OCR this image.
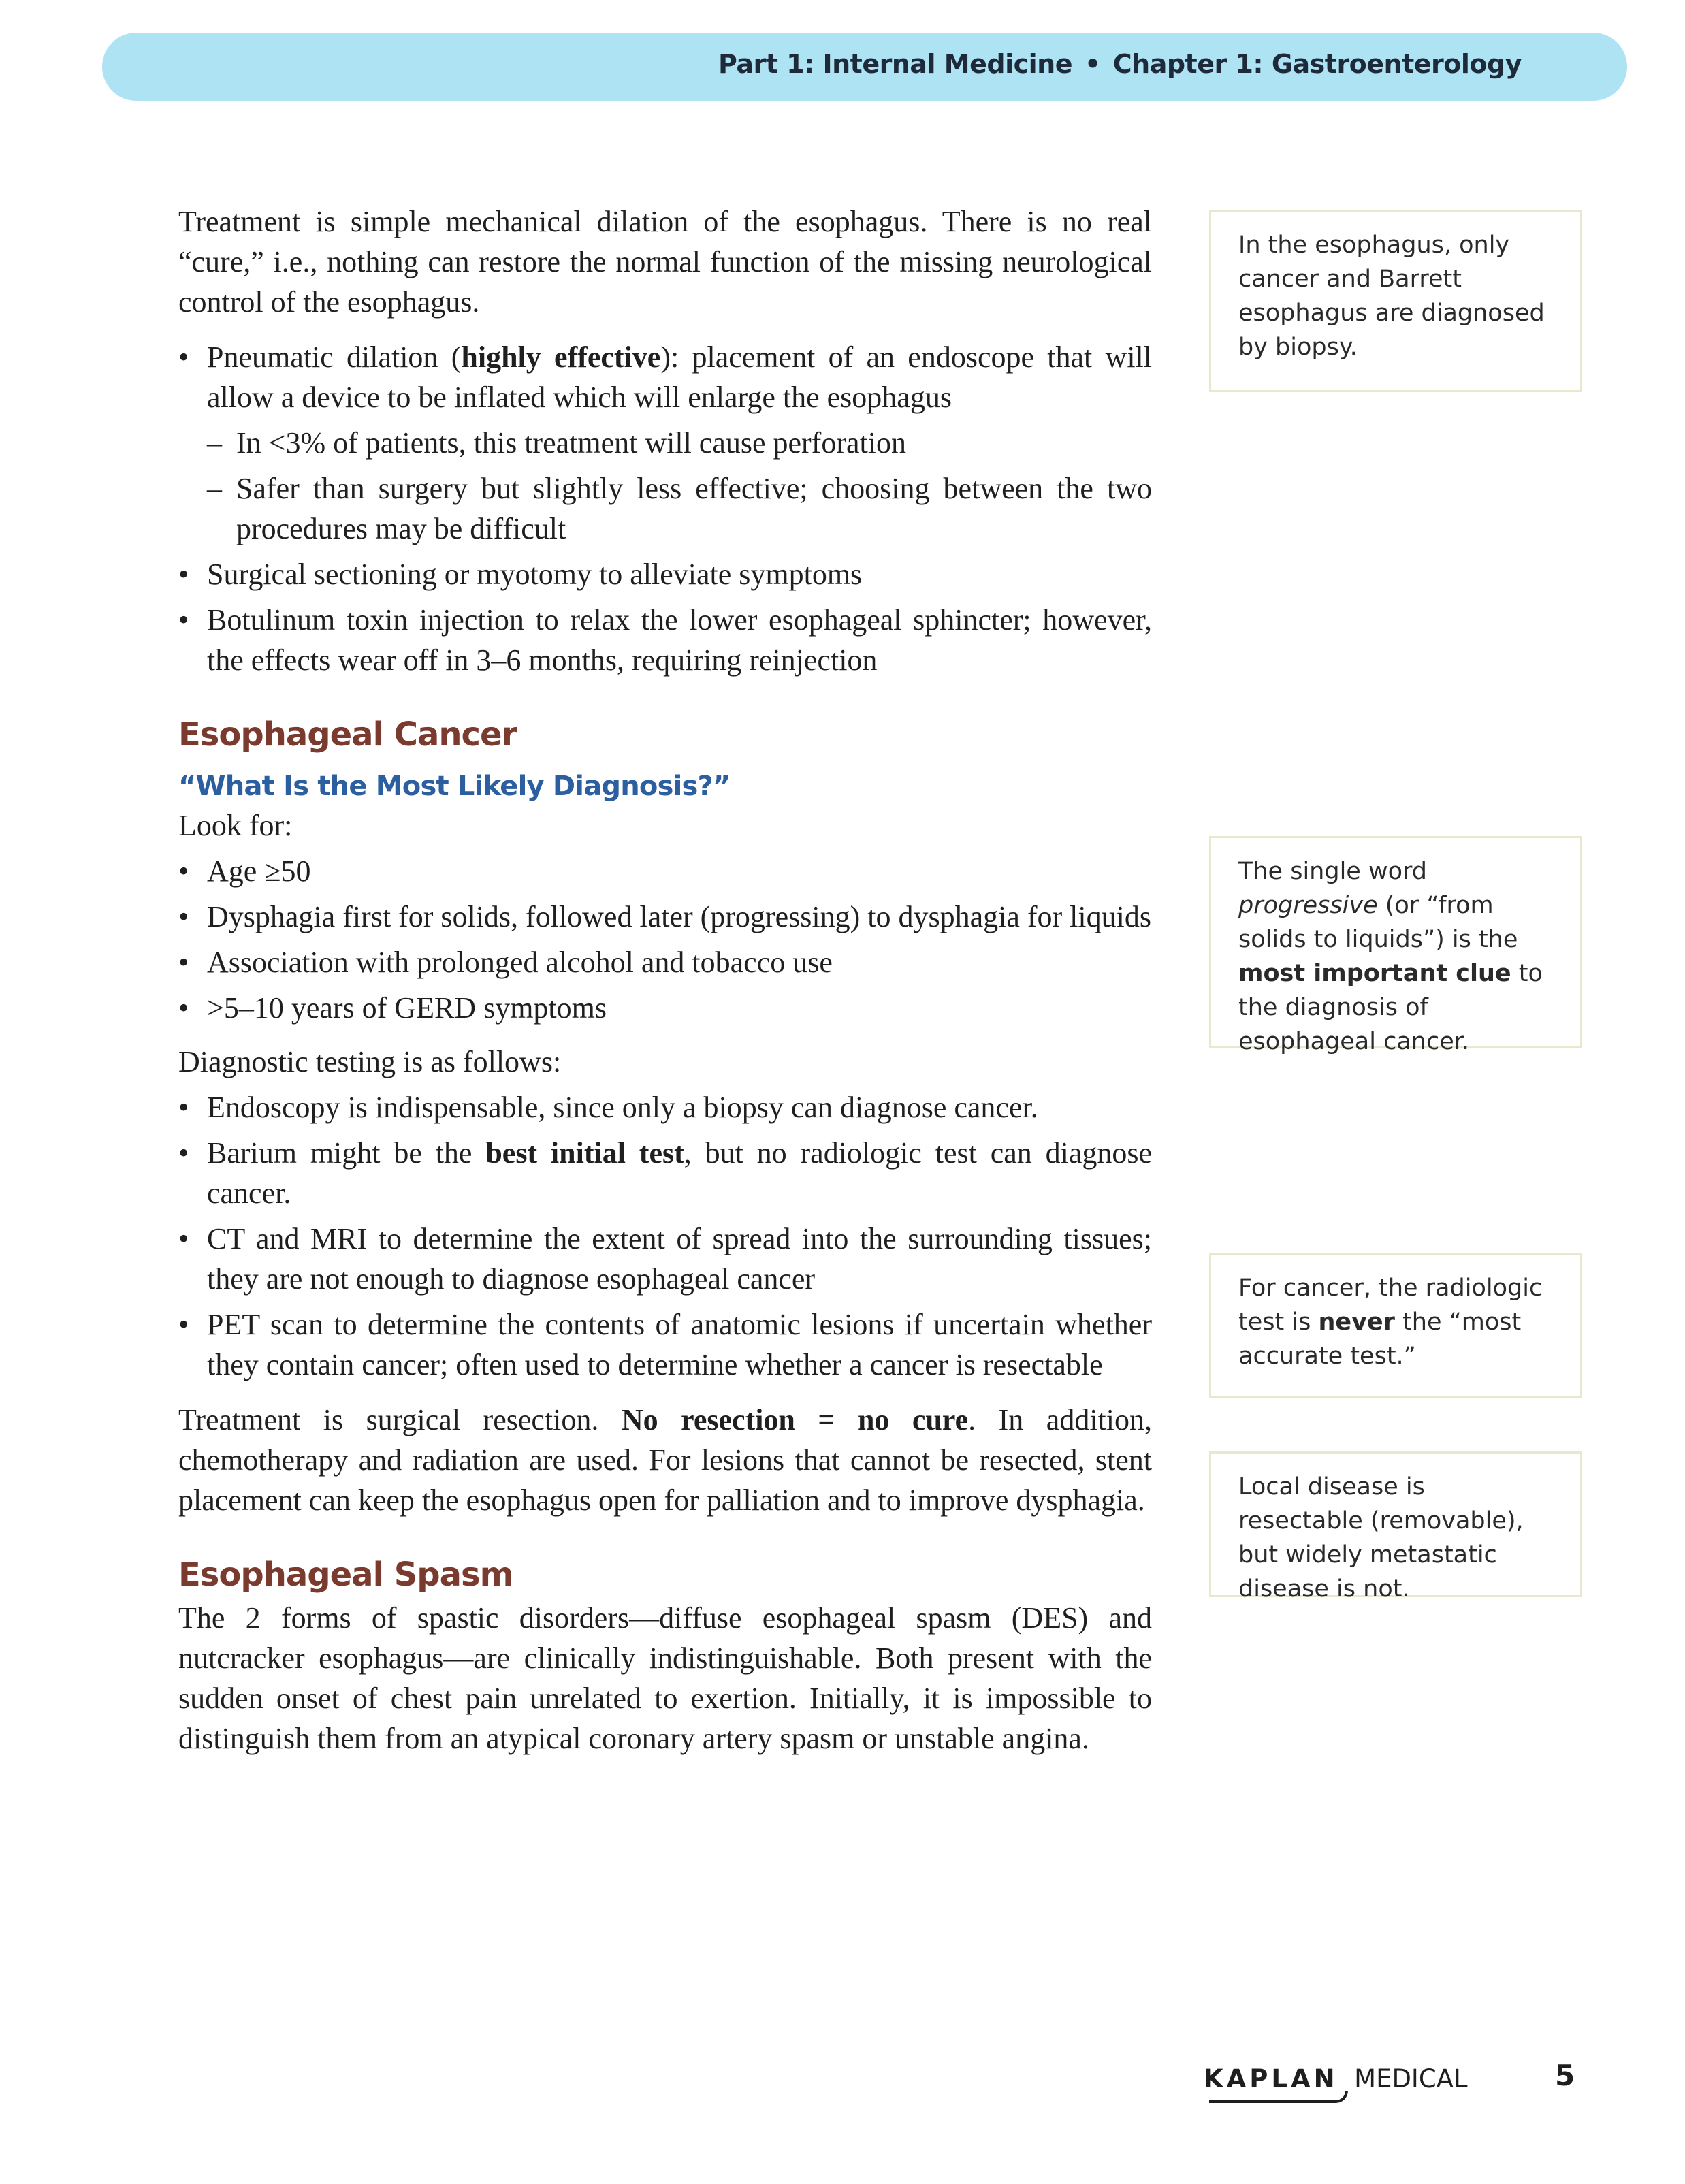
Part 1: Internal Medicine • Chapter 1: Gastroenterology

Treatment is simple mechanical dilation of the esophagus. There is no real “cure,” i.e., nothing can restore the normal function of the missing neurological control of the esophagus.

• Pneumatic dilation (highly effective): placement of an endoscope that will allow a device to be inflated which will enlarge the esophagus
– In <3% of patients, this treatment will cause perforation
– Safer than surgery but slightly less effective; choosing between the two procedures may be difficult
• Surgical sectioning or myotomy to alleviate symptoms
• Botulinum toxin injection to relax the lower esophageal sphincter; however, the effects wear off in 3–6 months, requiring reinjection
Esophageal Cancer
“What Is the Most Likely Diagnosis?”

Look for:

• Age ≥50
• Dysphagia first for solids, followed later (progressing) to dysphagia for liquids
• Association with prolonged alcohol and tobacco use
• >5–10 years of GERD symptoms

Diagnostic testing is as follows:

• Endoscopy is indispensable, since only a biopsy can diagnose cancer.
• Barium might be the best initial test, but no radiologic test can diagnose cancer.
• CT and MRI to determine the extent of spread into the surrounding tissues; they are not enough to diagnose esophageal cancer
• PET scan to determine the contents of anatomic lesions if uncertain whether they contain cancer; often used to determine whether a cancer is resectable

Treatment is surgical resection. No resection = no cure. In addition, chemotherapy and radiation are used. For lesions that cannot be resected, stent placement can keep the esophagus open for palliation and to improve dysphagia.

Esophageal Spasm

The 2 forms of spastic disorders—diffuse esophageal spasm (DES) and nutcracker esophagus—are clinically indistinguishable. Both present with the sudden onset of chest pain unrelated to exertion. Initially, it is impossible to distinguish them from an atypical coronary artery spasm or unstable angina.

In the esophagus, only cancer and Barrett esophagus are diagnosed by biopsy.
The single word progressive (or “from solids to liquids”) is the most important clue to the diagnosis of esophageal cancer.
For cancer, the radiologic test is never the “most accurate test.”
Local disease is resectable (removable), but widely metastatic disease is not.
KAPLAN MEDICAL	5
